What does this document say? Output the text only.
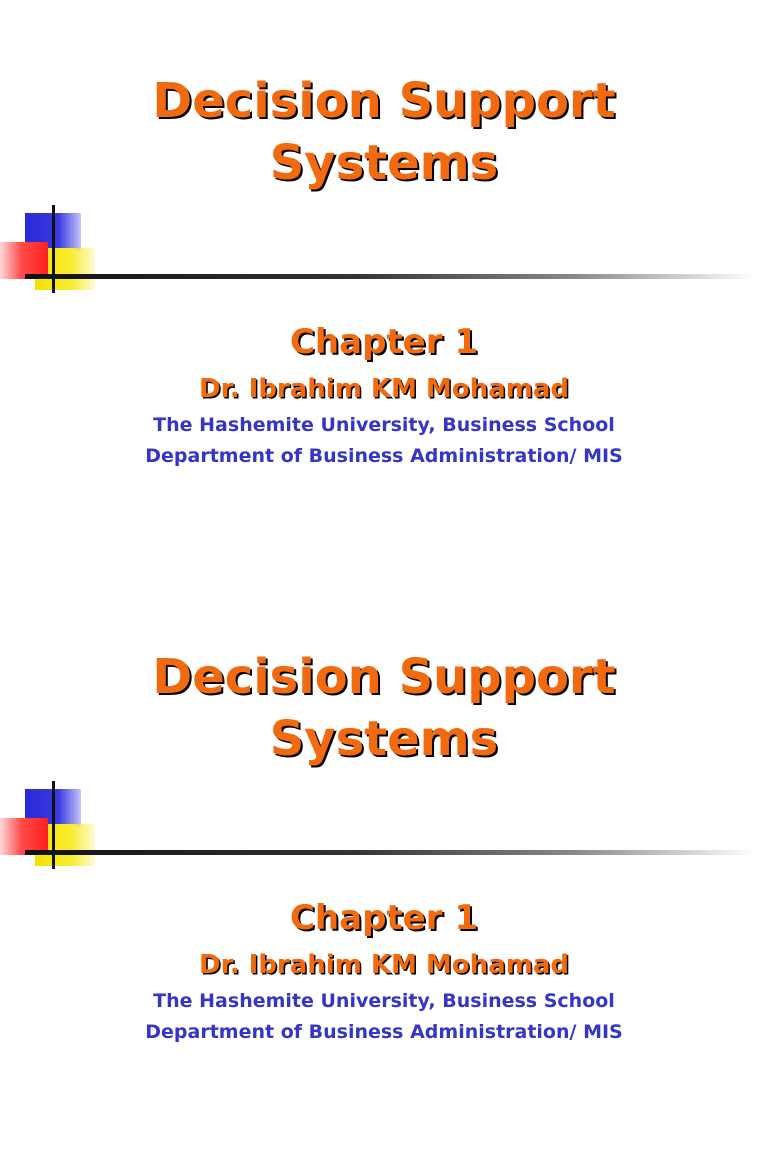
Decision Support
Systems
Chapter 1
Dr. Ibrahim KM Mohamad

The Hashemite University, Business School

Department of Business Administration/ MIS

Decision Support
Systems
Chapter 1
Dr. Ibrahim KM Mohamad

The Hashemite University, Business School

Department of Business Administration/ MIS
